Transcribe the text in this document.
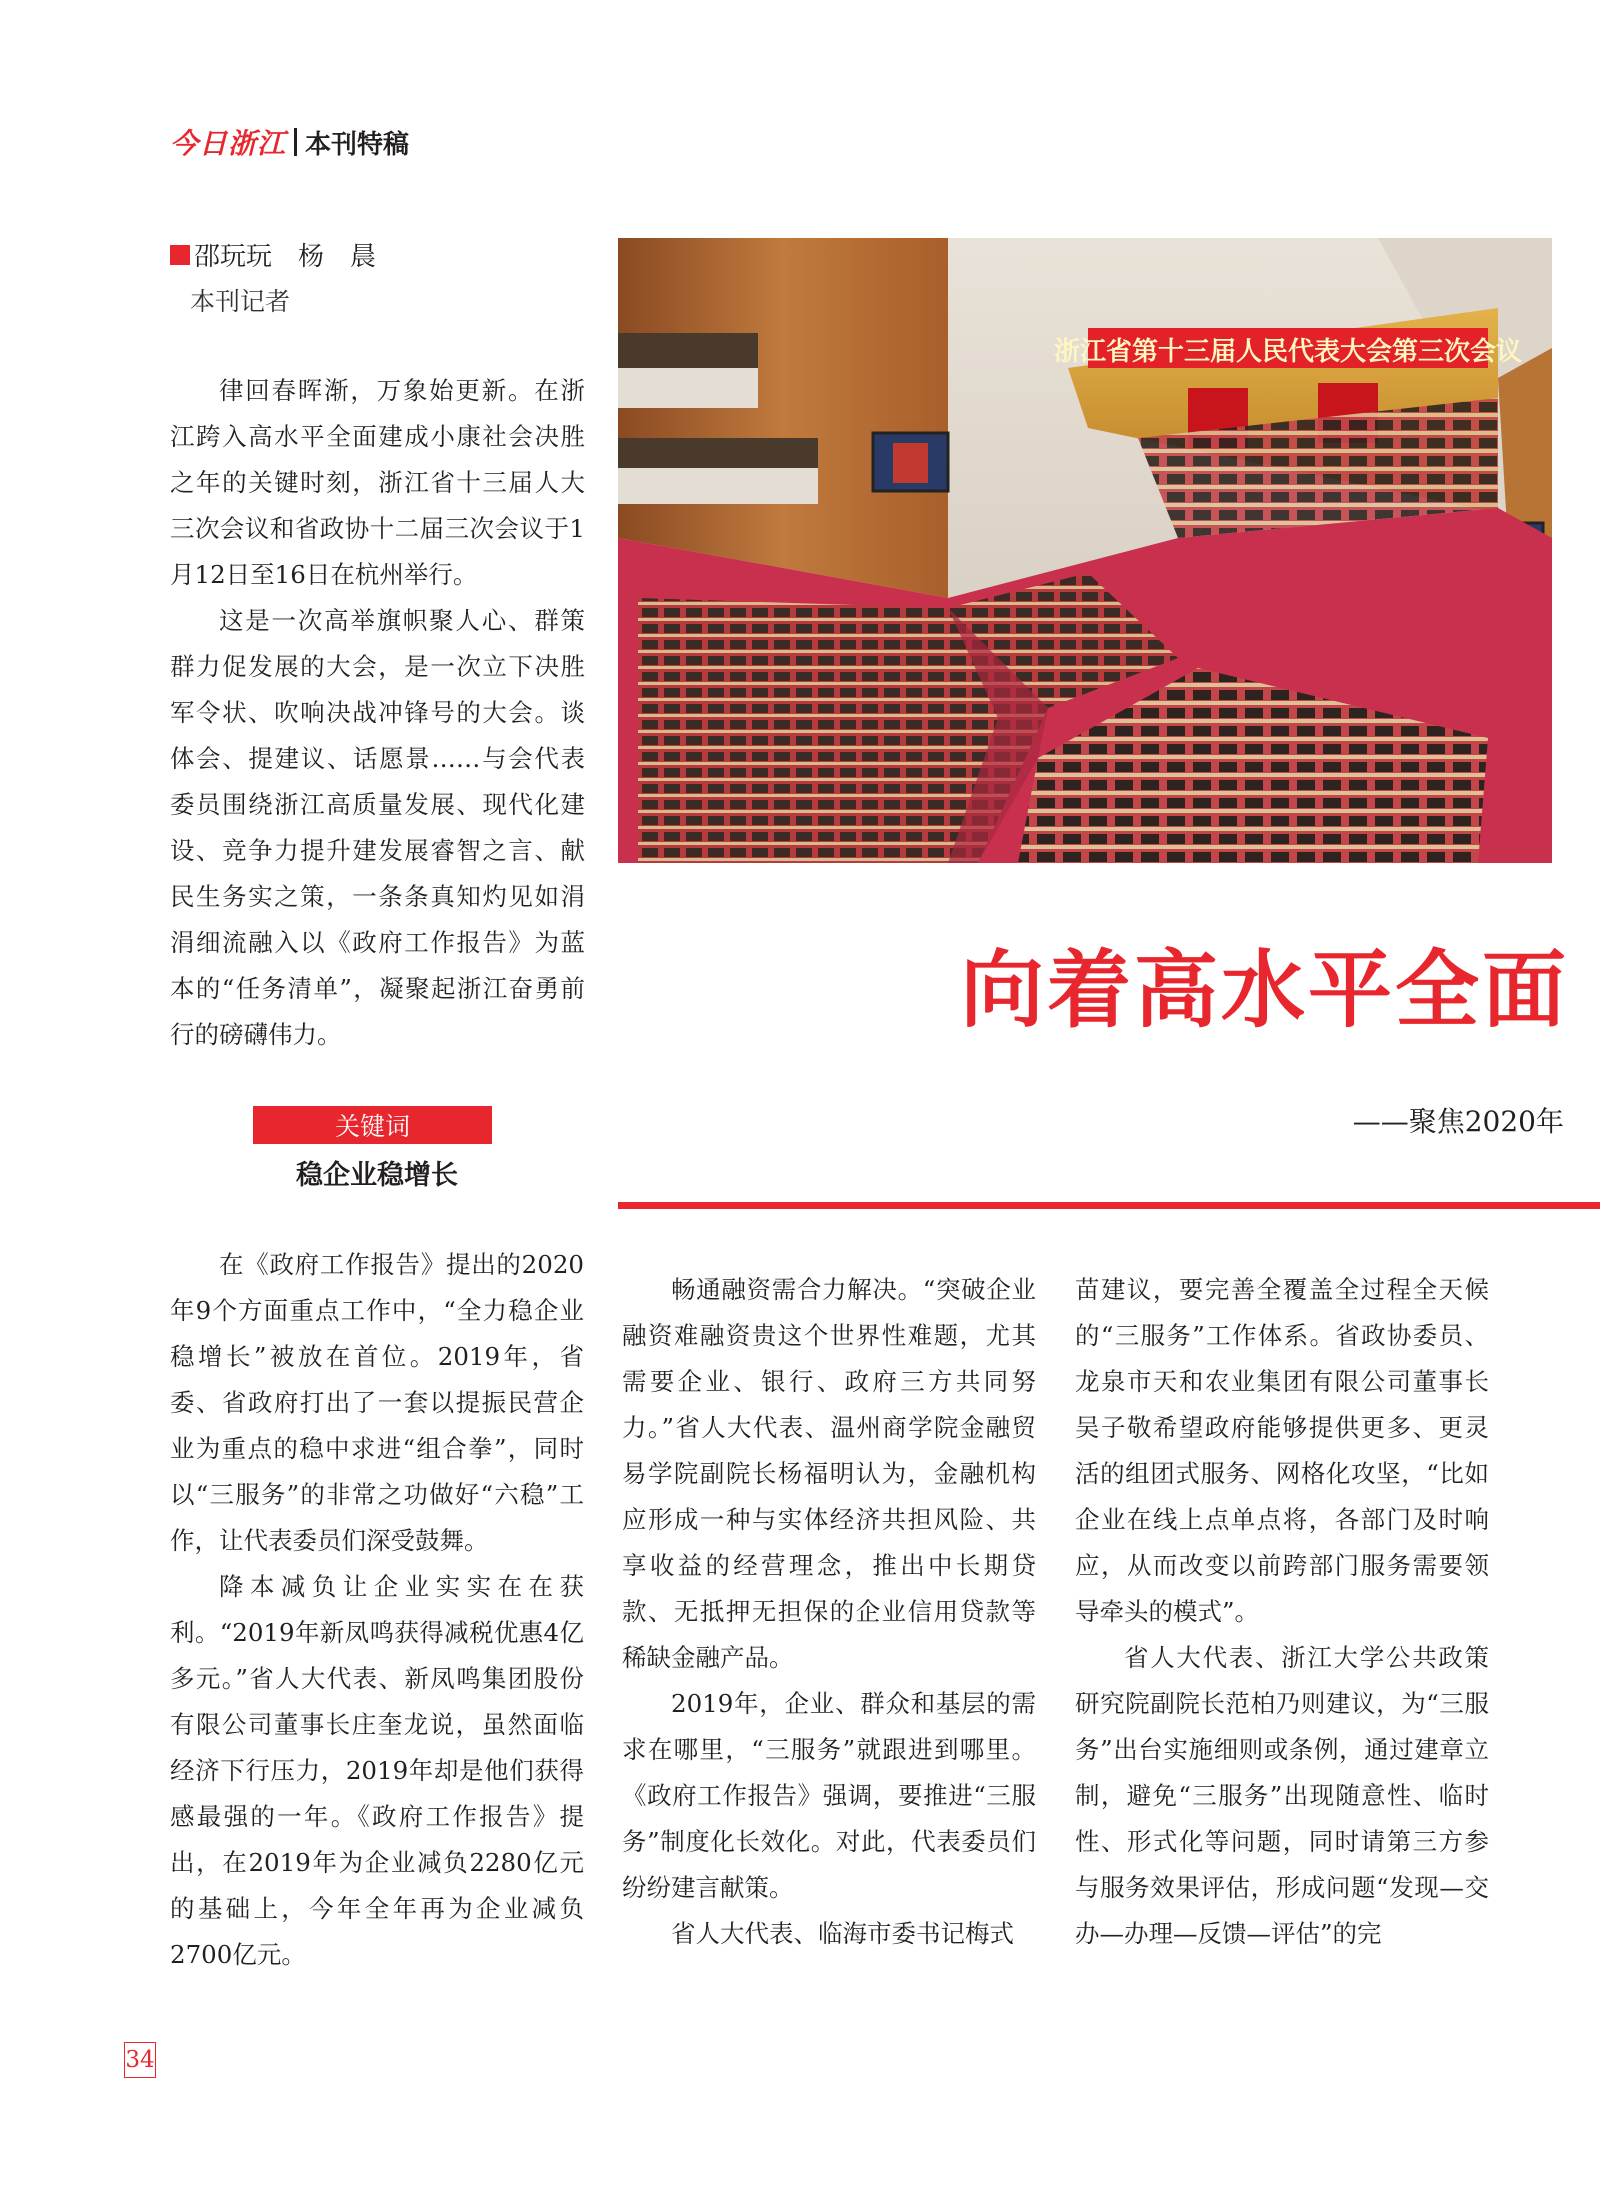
今日浙江 本刊特稿
邵玩玩　杨　晨
本刊记者

律回春晖渐，万象始更新。在浙江跨入高水平全面建成小康社会决胜之年的关键时刻，浙江省十三届人大三次会议和省政协十二届三次会议于1月12日至16日在杭州举行。

这是一次高举旗帜聚人心、群策群力促发展的大会，是一次立下决胜军令状、吹响决战冲锋号的大会。谈体会、提建议、话愿景……与会代表委员围绕浙江高质量发展、现代化建设、竞争力提升建发展睿智之言、献民生务实之策，一条条真知灼见如涓涓细流融入以《政府工作报告》为蓝本的“任务清单”，凝聚起浙江奋勇前行的磅礴伟力。

浙江省第十三届人民代表大会第三次会议
向着高水平全面
——聚焦2020年
关键词
稳企业稳增长

在《政府工作报告》提出的2020年9个方面重点工作中，“全力稳企业稳增长”被放在首位。2019年，省委、省政府打出了一套以提振民营企业为重点的稳中求进“组合拳”，同时以“三服务”的非常之功做好“六稳”工作，让代表委员们深受鼓舞。

降本减负让企业实实在在获利。“2019年新凤鸣获得减税优惠4亿多元。”省人大代表、新凤鸣集团股份有限公司董事长庄奎龙说，虽然面临经济下行压力，2019年却是他们获得感最强的一年。《政府工作报告》提出，在2019年为企业减负2280亿元的基础上，今年全年再为企业减负2700亿元。

畅通融资需合力解决。“突破企业融资难融资贵这个世界性难题，尤其需要企业、银行、政府三方共同努力。”省人大代表、温州商学院金融贸易学院副院长杨福明认为，金融机构应形成一种与实体经济共担风险、共享收益的经营理念，推出中长期贷款、无抵押无担保的企业信用贷款等稀缺金融产品。

2019年，企业、群众和基层的需求在哪里，“三服务”就跟进到哪里。《政府工作报告》强调，要推进“三服务”制度化长效化。对此，代表委员们纷纷建言献策。

省人大代表、临海市委书记梅式

苗建议，要完善全覆盖全过程全天候的“三服务”工作体系。省政协委员、龙泉市天和农业集团有限公司董事长吴子敬希望政府能够提供更多、更灵活的组团式服务、网格化攻坚，“比如企业在线上点单点将，各部门及时响应，从而改变以前跨部门服务需要领导牵头的模式”。

省人大代表、浙江大学公共政策研究院副院长范柏乃则建议，为“三服务”出台实施细则或条例，通过建章立制，避免“三服务”出现随意性、临时性、形式化等问题，同时请第三方参与服务效果评估，形成问题“发现—交办—办理—反馈—评估”的完

34
